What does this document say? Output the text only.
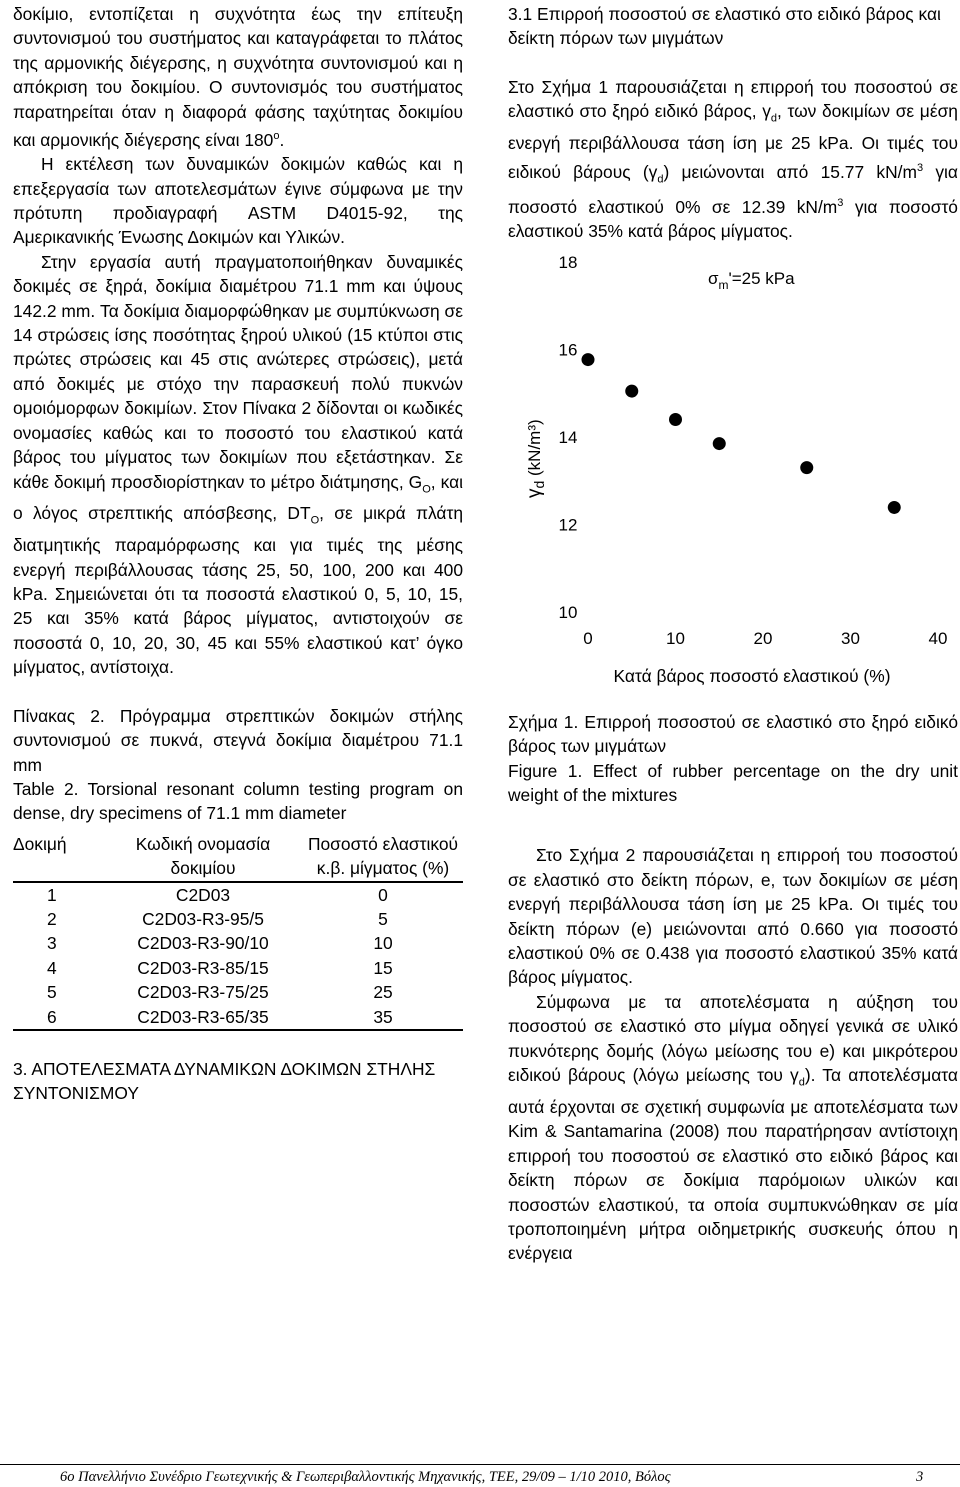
δοκίμιο, εντοπίζεται η συχνότητα έως την επίτευξη συντονισμού του συστήματος και καταγράφεται το πλάτος της αρμονικής διέγερσης, η συχνότητα συντονισμού και η απόκριση του δοκιμίου. Ο συντονισμός του συστήματος παρατηρείται όταν η διαφορά φάσης ταχύτητας δοκιμίου και αρμονικής διέγερσης είναι $180^o$.

Η εκτέλεση των δυναμικών δοκιμών καθώς και η επεξεργασία των αποτελεσμάτων έγινε σύμφωνα με την πρότυπη προδιαγραφή ASTM D4015-92, της Αμερικανικής Ένωσης Δοκιμών και Υλικών.

Στην εργασία αυτή πραγματοποιήθηκαν δυναμικές δοκιμές σε ξηρά, δοκίμια διαμέτρου 71.1 mm και ύψους 142.2 mm. Τα δοκίμια διαμορφώθηκαν με συμπύκνωση σε 14 στρώσεις ίσης ποσότητας ξηρού υλικού (15 κτύποι στις πρώτες στρώσεις και 45 στις ανώτερες στρώσεις), μετά από δοκιμές με στόχο την παρασκευή πολύ πυκνών ομοιόμορφων δοκιμίων. Στον Πίνακα 2 δίδονται οι κωδικές ονομασίες καθώς και το ποσοστό του ελαστικού κατά βάρος του μίγματος των δοκιμίων που εξετάστηκαν. Σε κάθε δοκιμή προσδιορίστηκαν το μέτρο διάτμησης, $G_O$, και ο λόγος στρεπτικής απόσβεσης, $DT_O$, σε μικρά πλάτη διατμητικής παραμόρφωσης και για τιμές της μέσης ενεργή περιβάλλουσας τάσης 25, 50, 100, 200 και 400 kPa. Σημειώνεται ότι τα ποσοστά ελαστικού 0, 5, 10, 15, 25 και 35% κατά βάρος μίγματος, αντιστοιχούν σε ποσοστά 0, 10, 20, 30, 45 και 55% ελαστικού κατ’ όγκο μίγματος, αντίστοιχα.

Πίνακας 2. Πρόγραμμα στρεπτικών δοκιμών στήλης συντονισμού σε πυκνά, στεγνά δοκίμια διαμέτρου 71.1 mm

Table 2. Torsional resonant column testing program on dense, dry specimens of 71.1 mm diameter

Δοκιμή	Κωδική ονομασία δοκιμίου	Ποσοστό ελαστικού κ.β. μίγματος (%)
1	C2D03	0
2	C2D03-R3-95/5	5
3	C2D03-R3-90/10	10
4	C2D03-R3-85/15	15
5	C2D03-R3-75/25	25
6	C2D03-R3-65/35	35

3. ΑΠΟΤΕΛΕΣΜΑΤΑ ΔΥΝΑΜΙΚΩΝ ΔΟΚΙΜΩΝ ΣΤΗΛΗΣ ΣΥΝΤΟΝΙΣΜΟΥ

3.1 Επιρροή ποσοστού σε ελαστικό στο ειδικό βάρος και δείκτη πόρων των μιγμάτων

Στο Σχήμα 1 παρουσιάζεται η επιρροή του ποσοστού σε ελαστικό στο ξηρό ειδικό βάρος, $\gamma_d$, των δοκιμίων σε μέση ενεργή περιβάλλουσα τάση ίση με 25 kPa. Οι τιμές του ειδικού βάρους $(\gamma_d)$ μειώνονται από 15.77 $kN/m^3$ για ποσοστό ελαστικού 0% σε 12.39 $kN/m^3$ για ποσοστό ελαστικού 35% κατά βάρος μίγματος.

$\gamma_d$ (kN/m³)
$\sigma_m'=25$ kPa
10
12
14
16
18
0	10	20	30	40
Κατά βάρος ποσοστό ελαστικού (%)

Σχήμα 1. Επιρροή ποσοστού σε ελαστικό στο ξηρό ειδικό βάρος των μιγμάτων

Figure 1. Effect of rubber percentage on the dry unit weight of the mixtures

Στο Σχήμα 2 παρουσιάζεται η επιρροή του ποσοστού σε ελαστικό στο δείκτη πόρων, e, των δοκιμίων σε μέση ενεργή περιβάλλουσα τάση ίση με 25 kPa. Οι τιμές του δείκτη πόρων (e) μειώνονται από 0.660 για ποσοστό ελαστικού 0% σε 0.438 για ποσοστό ελαστικού 35% κατά βάρος μίγματος.

Σύμφωνα με τα αποτελέσματα η αύξηση του ποσοστού σε ελαστικό στο μίγμα οδηγεί γενικά σε υλικό πυκνότερης δομής (λόγω μείωσης του e) και μικρότερου ειδικού βάρους (λόγω μείωσης του $\gamma_d$). Τα αποτελέσματα αυτά έρχονται σε σχετική συμφωνία με αποτελέσματα των Kim & Santamarina (2008) που παρατήρησαν αντίστοιχη επιρροή του ποσοστού σε ελαστικό στο ειδικό βάρος και δείκτη πόρων σε δοκίμια παρόμοιων υλικών και ποσοστών ελαστικού, τα οποία συμπυκνώθηκαν σε μία τροποποιημένη μήτρα οιδημετρικής συσκευής όπου η ενέργεια

6ο Πανελλήνιο Συνέδριο Γεωτεχνικής & Γεωπεριβαλλοντικής Μηχανικής, ΤΕΕ, 29/09 – 1/10 2010, Βόλος	3
